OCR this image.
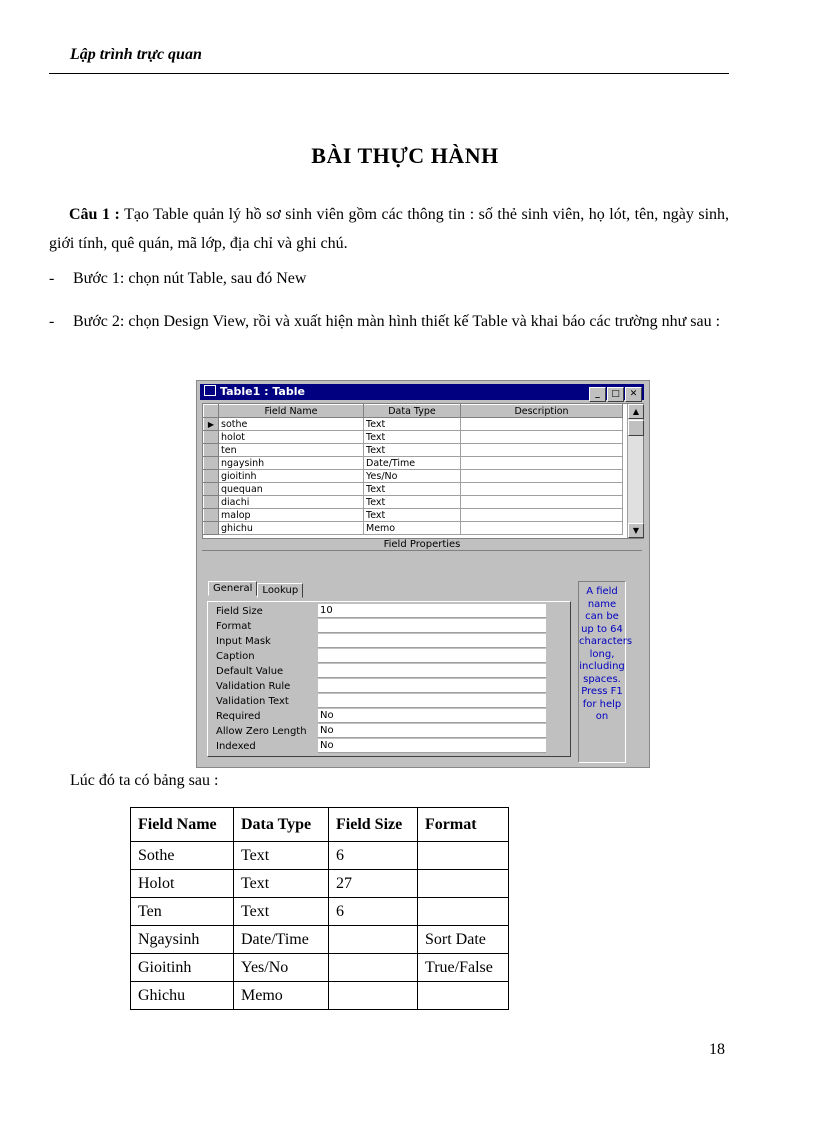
Lập trình trực quan
BÀI THỰC HÀNH
Câu 1 : Tạo Table quản lý hồ sơ sinh viên gồm các thông tin : số thẻ sinh viên, họ lót, tên, ngày sinh, giới tính, quê quán, mã lớp, địa chỉ và ghi chú.
- Bước 1: chọn nút Table, sau đó New
- Bước 2: chọn Design View, rồi và xuất hiện màn hình thiết kế Table và khai báo các trường như sau :
Table1 : Table	_ □ ✕
	Field Name	Data Type	Description
▶	sothe	Text	
	holot	Text	
	ten	Text	
	ngaysinh	Date/Time	
	gioitinh	Yes/No	
	quequan	Text	
	diachi	Text	
	malop	Text	
	ghichu	Memo	
▲
▼
Field Properties
General Lookup
Field Size	10
Format
Input Mask
Caption
Default Value
Validation Rule
Validation Text
Required	No
Allow Zero Length No
Indexed	No
A field name can be up to 64 characters long, including spaces. Press F1 for help on
Lúc đó ta có bảng sau :
Field Name	Data Type	Field Size	Format
Sothe	Text	6	
Holot	Text	27	
Ten	Text	6	
Ngaysinh	Date/Time		Sort Date
Gioitinh	Yes/No		True/False
Ghichu	Memo		
18
